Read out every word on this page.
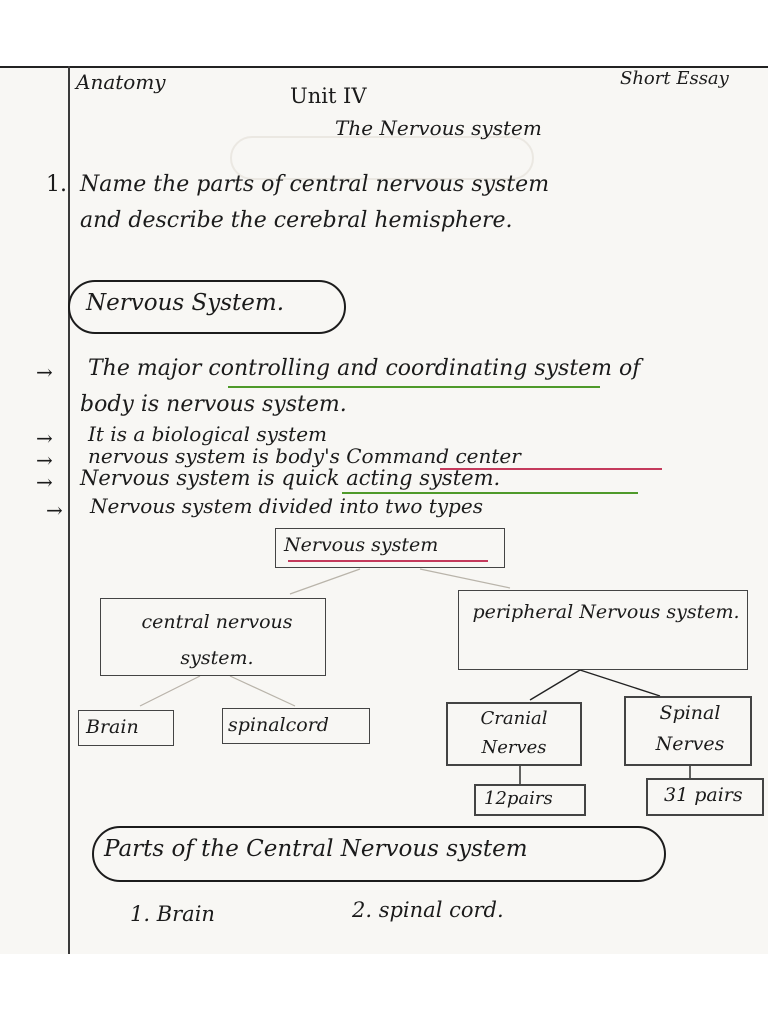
Anatomy
Unit IV
Short Essay
The Nervous system
1. Name the parts of central nervous system
and describe the cerebral hemisphere.
Nervous System.
→ The major controlling and coordinating system of
body is nervous system.
→ It is a biological system
→ nervous system is body's Command center
→ Nervous system is quick acting system.
→ Nervous system divided into two types
Nervous system
central nervous system.
peripheral Nervous system.
Brain	spinalcord	Cranial Nerves
Spinal Nerves
12pairs	31 pairs
Parts of the Central Nervous system
1. Brain	2. spinal cord.
